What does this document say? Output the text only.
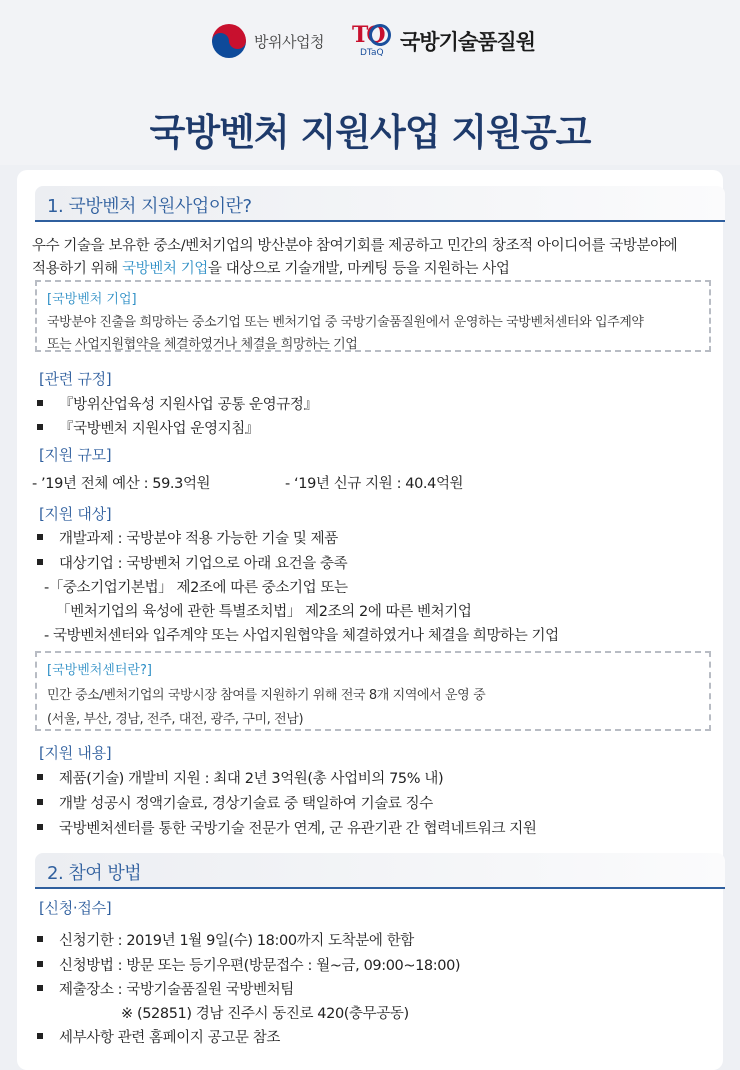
방위사업청 TQ
DTaQ 국방기술품질원
국방벤처 지원사업 지원공고
1. 국방벤처 지원사업이란?
우수 기술을 보유한 중소/벤처기업의 방산분야 참여기회를 제공하고 민간의 창조적 아이디어를 국방분야에
적용하기 위해 국방벤처 기업을 대상으로 기술개발, 마케팅 등을 지원하는 사업
[국방벤처 기업]
국방분야 진출을 희망하는 중소기업 또는 벤처기업 중 국방기술품질원에서 운영하는 국방벤처센터와 입주계약
또는 사업지원협약을 체결하였거나 체결을 희망하는 기업
[관련 규정]
『방위산업육성 지원사업 공통 운영규정』
『국방벤처 지원사업 운영지침』
[지원 규모]
- ’19년 전체 예산 : 59.3억원	- ‘19년 신규 지원 : 40.4억원
[지원 대상]
개발과제 : 국방분야 적용 가능한 기술 및 제품
대상기업 : 국방벤처 기업으로 아래 요건을 충족
-「중소기업기본법」 제2조에 따른 중소기업 또는
「벤처기업의 육성에 관한 특별조치법」 제2조의 2에 따른 벤처기업
- 국방벤처센터와 입주계약 또는 사업지원협약을 체결하였거나 체결을 희망하는 기업
[국방벤처센터란?]
민간 중소/벤처기업의 국방시장 참여를 지원하기 위해 전국 8개 지역에서 운영 중
(서울, 부산, 경남, 전주, 대전, 광주, 구미, 전남)
[지원 내용]
제품(기술) 개발비 지원 : 최대 2년 3억원(총 사업비의 75% 내)
개발 성공시 정액기술료, 경상기술료 중 택일하여 기술료 징수
국방벤처센터를 통한 국방기술 전문가 연계, 군 유관기관 간 협력네트워크 지원
2. 참여 방법
[신청·접수]
신청기한 : 2019년 1월 9일(수) 18:00까지 도착분에 한함
신청방법 : 방문 또는 등기우편(방문접수 : 월~금, 09:00~18:00)
제출장소 : 국방기술품질원 국방벤처팀
※ (52851) 경남 진주시 동진로 420(충무공동)
세부사항 관련 홈페이지 공고문 참조
